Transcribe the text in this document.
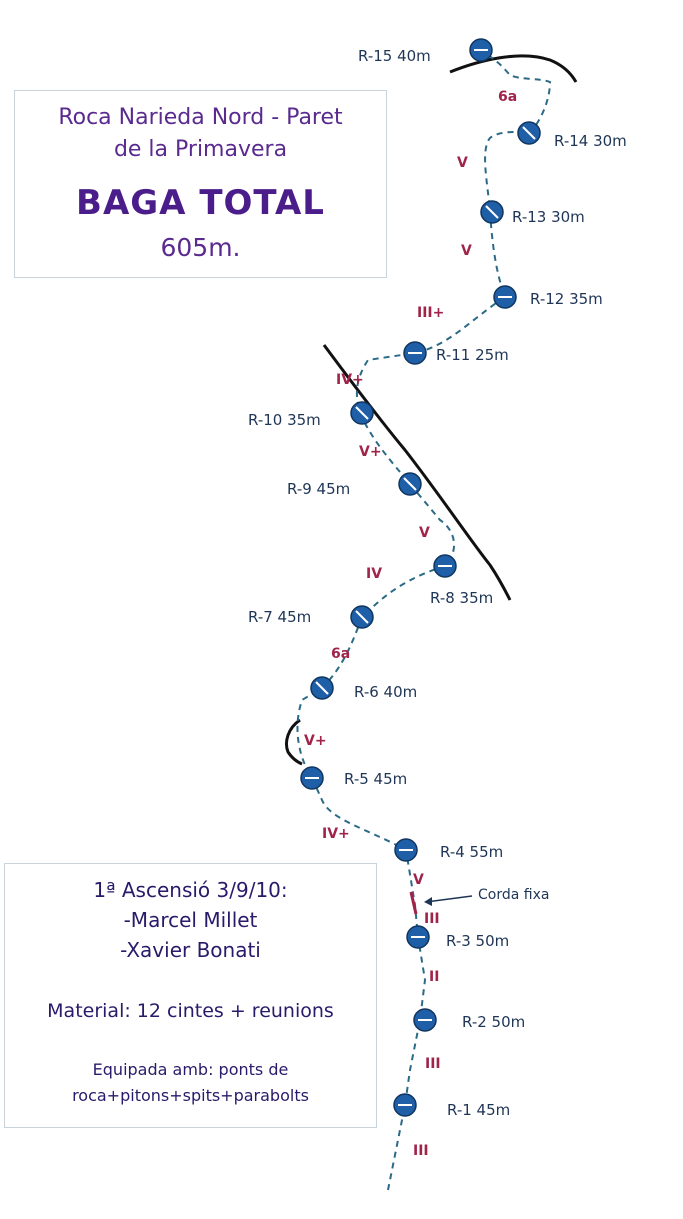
R-15 40m
R-14 30m
R-13 30m
R-12 35m
R-11 25m
R-10 35m
R-9 45m
R-8 35m
R-7 45m
R-6 40m
R-5 45m
R-4 55m
R-3 50m
R-2 50m
R-1 45m
6a
V
V
III+
IV+
V+
V
IV
6a
V+
IV+
V
III
II
III
III
Corda fixa
Roca Narieda Nord - Paret
de la Primavera
BAGA TOTAL
605m.
1ª Ascensió 3/9/10:
-Marcel Millet
-Xavier Bonati
Material: 12 cintes + reunions
Equipada amb: ponts de
roca+pitons+spits+parabolts
